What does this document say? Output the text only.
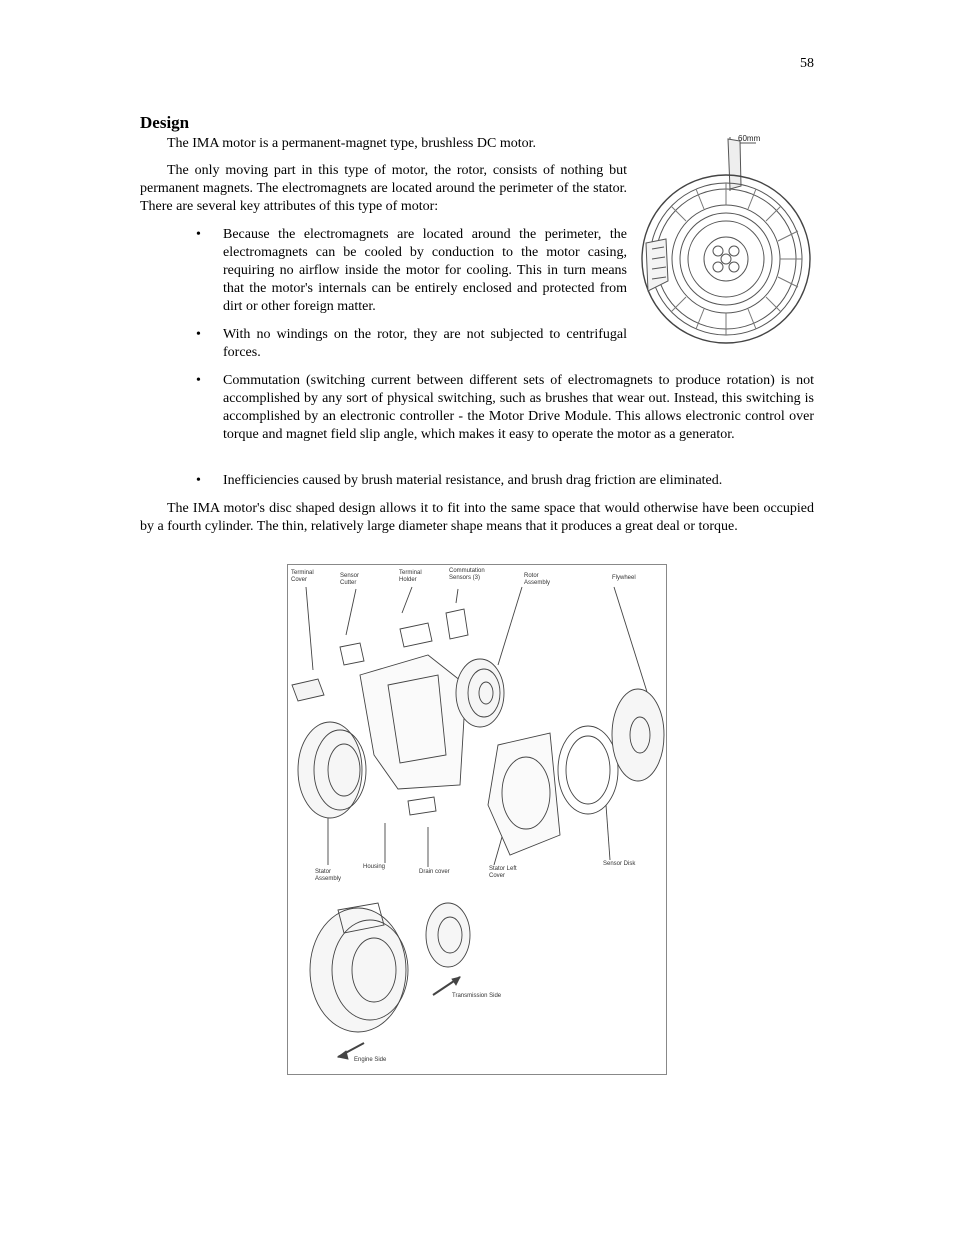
58
Design

The IMA motor is a permanent-magnet type, brushless DC motor.

The only moving part in this type of motor, the rotor, consists of nothing but permanent magnets. The electromagnets are located around the perimeter of the stator. There are several key attributes of this type of motor:

• Because the electromagnets are located around the perimeter, the electromagnets can be cooled by conduction to the motor casing, requiring no airflow inside the motor for cooling. This in turn means that the motor's internals can be entirely enclosed and protected from dirt or other foreign matter.

• With no windings on the rotor, they are not subjected to centrifugal forces.

• Commutation (switching current between different sets of electromagnets to produce rotation) is not accomplished by any sort of physical switching, such as brushes that wear out. Instead, this switching is accomplished by an electronic controller - the Motor Drive Module. This allows electronic control over torque and magnet field slip angle, which makes it easy to operate the motor as a generator.

• Inefficiencies caused by brush material resistance, and brush drag friction are eliminated.

The IMA motor's disc shaped design allows it to fit into the same space that would otherwise have been occupied by a fourth cylinder. The thin, relatively large diameter shape means that it produces a great deal or torque.

60mm
Terminal
Cover
Sensor
Cutter
Terminal
Holder
Commutation
Sensors (3)	Rotor
Assembly
Flywheel
Stator
Assembly
Housing
Drain cover	Stator Left
Cover
Sensor Disk
Transmission Side
Engine Side
